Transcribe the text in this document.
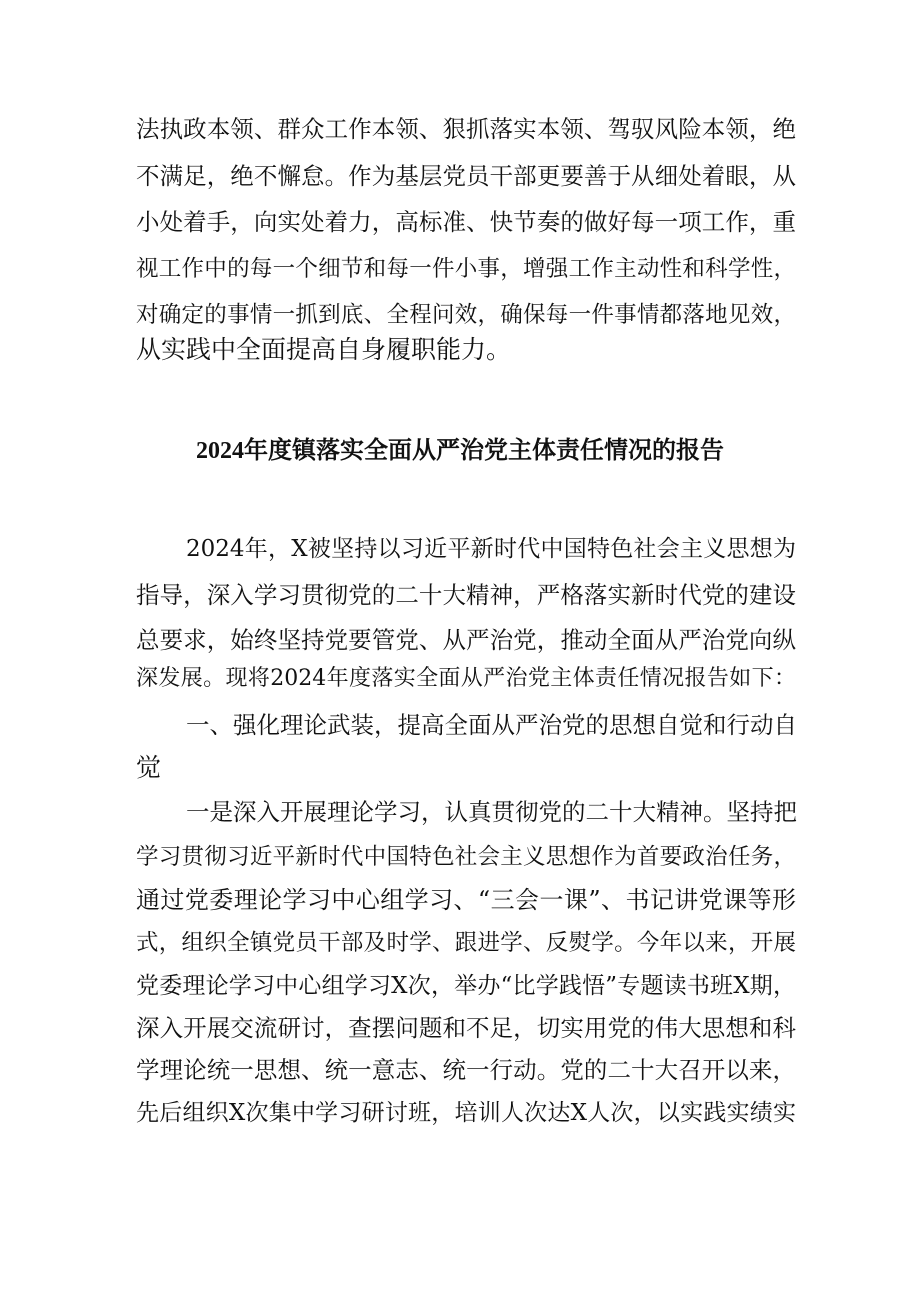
法执政本领、群众工作本领、狠抓落实本领、驾驭风险本领，绝
不满足，绝不懈怠。作为基层党员干部更要善于从细处着眼，从
小处着手，向实处着力，高标准、快节奏的做好每一项工作，重
视工作中的每一个细节和每一件小事，增强工作主动性和科学性，
对确定的事情一抓到底、全程问效，确保每一件事情都落地见效，
从实践中全面提高自身履职能力。
2024年度镇落实全面从严治党主体责任情况的报告
2024年，X被坚持以习近平新时代中国特色社会主义思想为
指导，深入学习贯彻党的二十大精神，严格落实新时代党的建设
总要求，始终坚持党要管党、从严治党，推动全面从严治党向纵
深发展。现将2024年度落实全面从严治党主体责任情况报告如下：
一、强化理论武装，提高全面从严治党的思想自觉和行动自
觉
一是深入开展理论学习，认真贯彻党的二十大精神。坚持把
学习贯彻习近平新时代中国特色社会主义思想作为首要政治任务，
通过党委理论学习中心组学习、“三会一课”、书记讲党课等形
式，组织全镇党员干部及时学、跟进学、反熨学。今年以来，开展
党委理论学习中心组学习X次，举办“比学践悟”专题读书班X期，
深入开展交流研讨，查摆问题和不足，切实用党的伟大思想和科
学理论统一思想、统一意志、统一行动。党的二十大召开以来，
先后组织X次集中学习研讨班，培训人次达X人次，以实践实绩实
